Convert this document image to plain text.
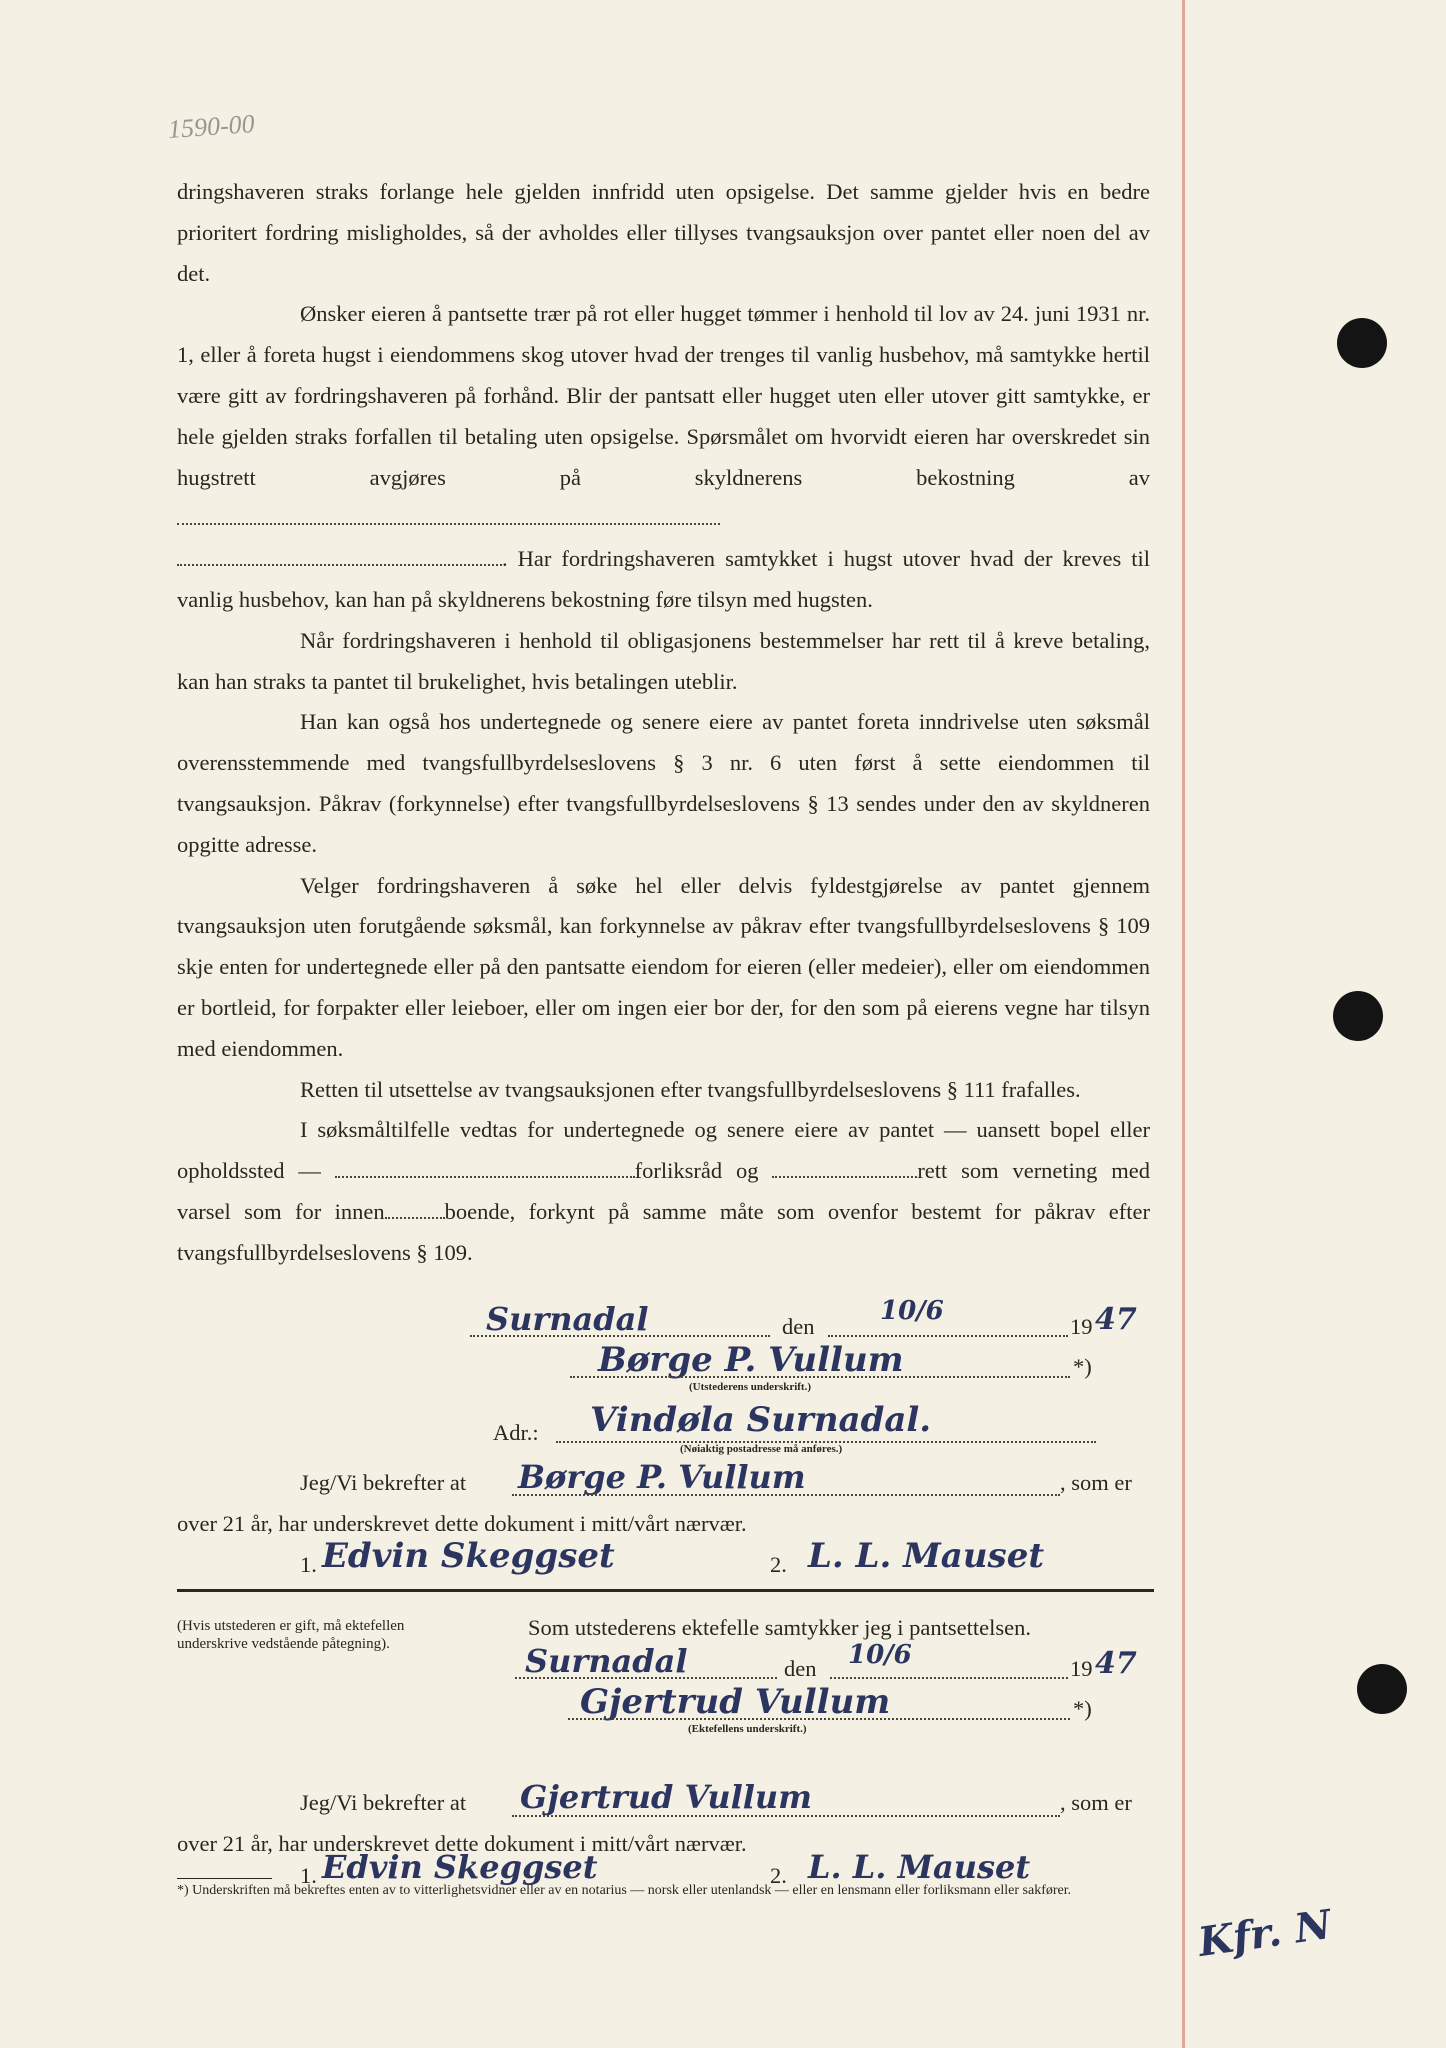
1590-00

dringshaveren straks forlange hele gjelden innfridd uten opsigelse. Det samme gjelder hvis en bedre prioritert fordring misligholdes, så der avholdes eller tillyses tvangsauksjon over pantet eller noen del av det.

Ønsker eieren å pantsette trær på rot eller hugget tømmer i henhold til lov av 24. juni 1931 nr. 1, eller å foreta hugst i eiendommens skog utover hvad der trenges til vanlig husbehov, må samtykke hertil være gitt av fordringshaveren på forhånd. Blir der pantsatt eller hugget uten eller utover gitt samtykke, er hele gjelden straks forfallen til betaling uten opsigelse. Spørsmålet om hvorvidt eieren har overskredet sin hugstrett avgjøres på skyldnerens bekostning av

. Har fordringshaveren samtykket i hugst utover hvad der kreves til vanlig husbehov, kan han på skyldnerens bekostning føre tilsyn med hugsten.

Når fordringshaveren i henhold til obligasjonens bestemmelser har rett til å kreve betaling, kan han straks ta pantet til brukelighet, hvis betalingen uteblir.

Han kan også hos undertegnede og senere eiere av pantet foreta inndrivelse uten søksmål overensstemmende med tvangsfullbyrdelseslovens § 3 nr. 6 uten først å sette eiendommen til tvangsauksjon. Påkrav (forkynnelse) efter tvangsfullbyrdelseslovens § 13 sendes under den av skyldneren opgitte adresse.

Velger fordringshaveren å søke hel eller delvis fyldestgjørelse av pantet gjennem tvangsauksjon uten forutgående søksmål, kan forkynnelse av påkrav efter tvangsfullbyrdelseslovens § 109 skje enten for undertegnede eller på den pantsatte eiendom for eieren (eller medeier), eller om eiendommen er bortleid, for forpakter eller leieboer, eller om ingen eier bor der, for den som på eierens vegne har tilsyn med eiendommen.

Retten til utsettelse av tvangsauksjonen efter tvangsfullbyrdelseslovens § 111 frafalles.

I søksmåltilfelle vedtas for undertegnede og senere eiere av pantet — uansett bopel eller opholdssted —	forliksråd og	rett som verneting med varsel som for innen	boende, forkynt på samme måte som ovenfor bestemt for påkrav efter tvangsfullbyrdelseslovens § 109.

Surnadal	den
10/6
19 47
Børge P. Vullum	*)
(Utstederens underskrift.)
Adr.: Vindøla Surnadal.
(Nøiaktig postadresse må anføres.)
Jeg/Vi bekrefter at Børge P. Vullum	, som er
over 21 år, har underskrevet dette dokument i mitt/vårt nærvær.
1. Edvin Skeggset	2. L. L. Mauset
(Hvis utstederen er gift, må ektefellen underskrive vedstående påtegning).
Som utstederens ektefelle samtykker jeg i pantsettelsen.
Surnadal	den 10/6	19 47
Gjertrud Vullum	*)
(Ektefellens underskrift.)
Jeg/Vi bekrefter at Gjertrud Vullum	, som er
over 21 år, har underskrevet dette dokument i mitt/vårt nærvær.
1. Edvin Skeggset	2. L. L. Mauset
*) Underskriften må bekreftes enten av to vitterlighetsvidner eller av en notarius — norsk eller utenlandsk — eller en lensmann eller forliksmann eller sakfører.
Kfr. N
